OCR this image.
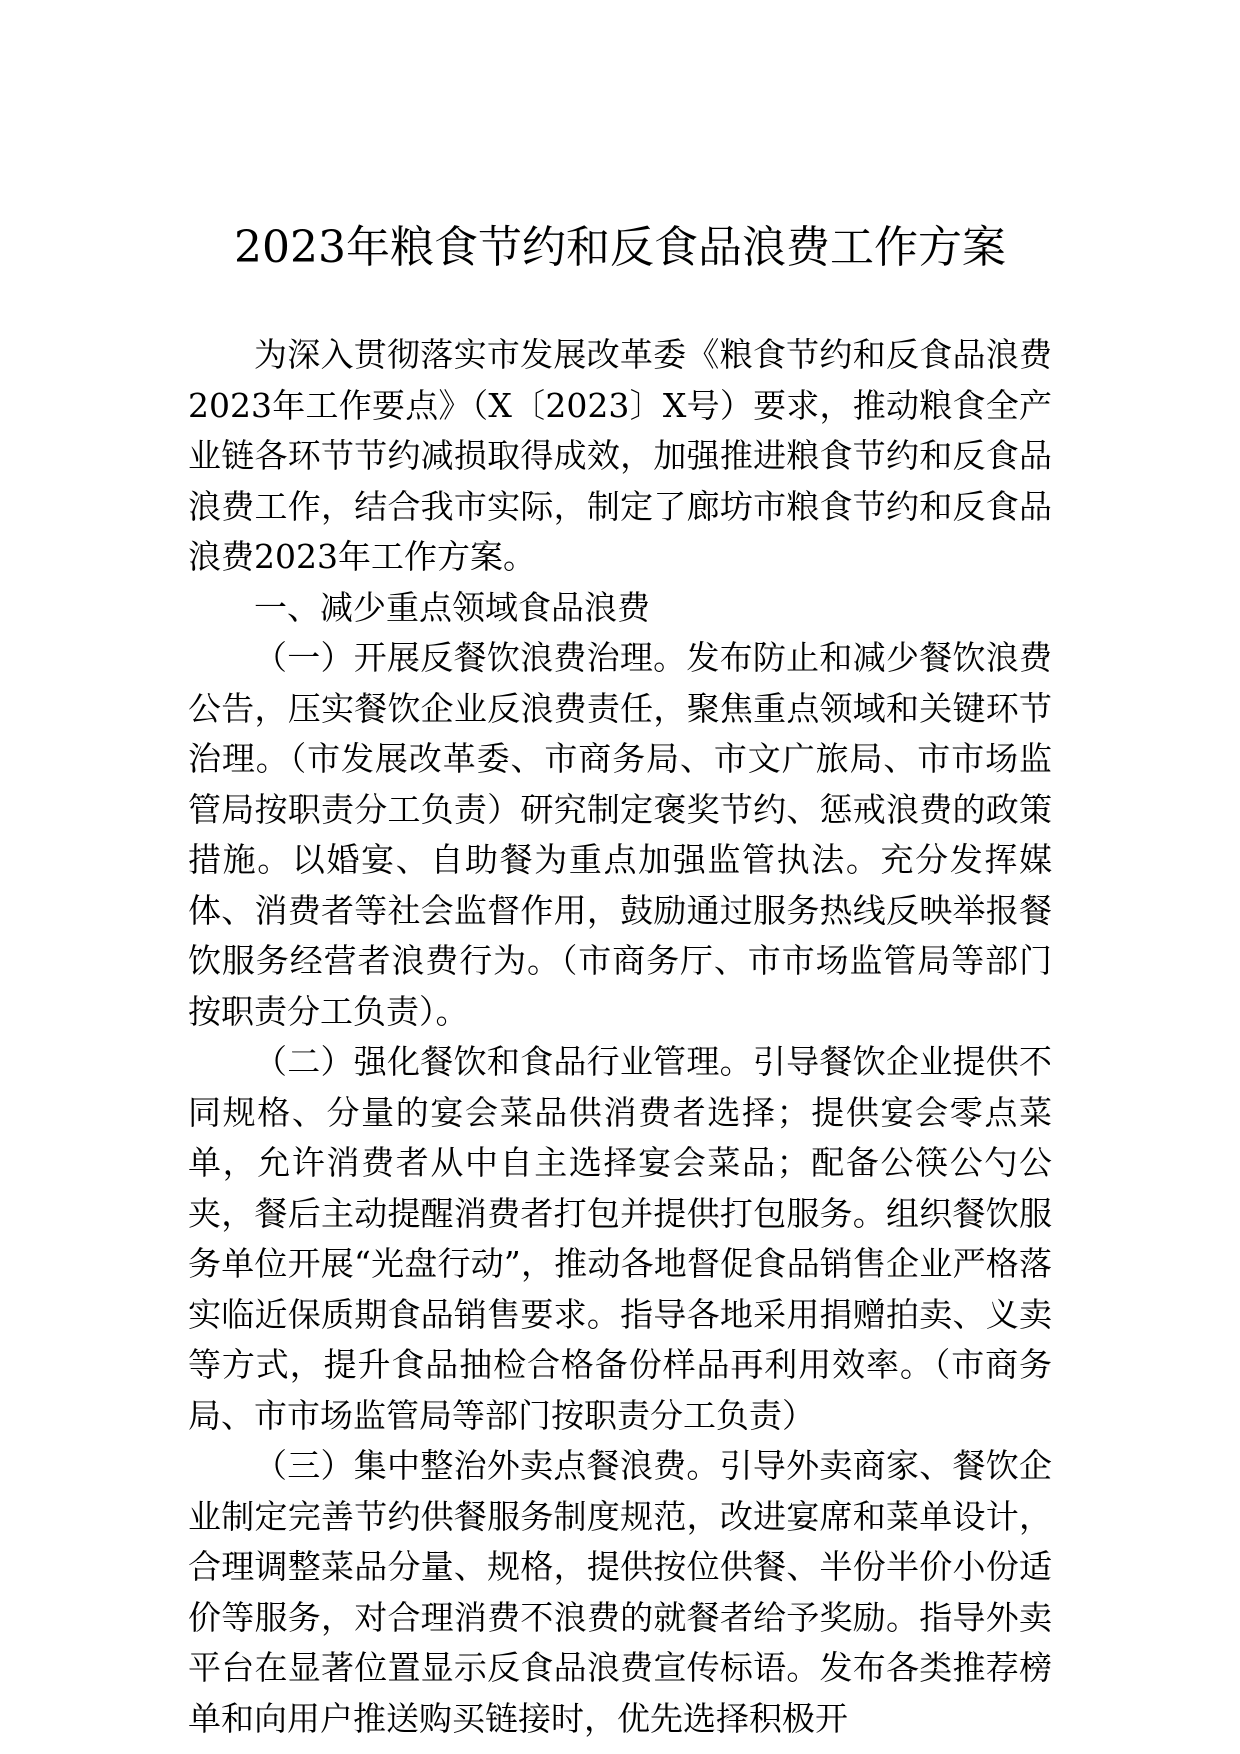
2023年粮食节约和反食品浪费工作方案

为深入贯彻落实市发展改革委《粮食节约和反食品浪费2023年工作要点》（X〔2023〕X号）要求，推动粮食全产业链各环节节约减损取得成效，加强推进粮食节约和反食品浪费工作，结合我市实际，制定了廊坊市粮食节约和反食品浪费2023年工作方案。

一、减少重点领域食品浪费

（一）开展反餐饮浪费治理。发布防止和减少餐饮浪费公告，压实餐饮企业反浪费责任，聚焦重点领域和关键环节治理。（市发展改革委、市商务局、市文广旅局、市市场监管局按职责分工负责）研究制定褒奖节约、惩戒浪费的政策措施。以婚宴、自助餐为重点加强监管执法。充分发挥媒体、消费者等社会监督作用，鼓励通过服务热线反映举报餐饮服务经营者浪费行为。（市商务厅、市市场监管局等部门按职责分工负责）。

（二）强化餐饮和食品行业管理。引导餐饮企业提供不同规格、分量的宴会菜品供消费者选择；提供宴会零点菜单，允许消费者从中自主选择宴会菜品；配备公筷公勺公夹，餐后主动提醒消费者打包并提供打包服务。组织餐饮服务单位开展“光盘行动”，推动各地督促食品销售企业严格落实临近保质期食品销售要求。指导各地采用捐赠拍卖、义卖等方式，提升食品抽检合格备份样品再利用效率。（市商务局、市市场监管局等部门按职责分工负责）

（三）集中整治外卖点餐浪费。引导外卖商家、餐饮企业制定完善节约供餐服务制度规范，改进宴席和菜单设计，合理调整菜品分量、规格，提供按位供餐、半份半价小份适价等服务，对合理消费不浪费的就餐者给予奖励。指导外卖平台在显著位置显示反食品浪费宣传标语。发布各类推荐榜单和向用户推送购买链接时，优先选择积极开
